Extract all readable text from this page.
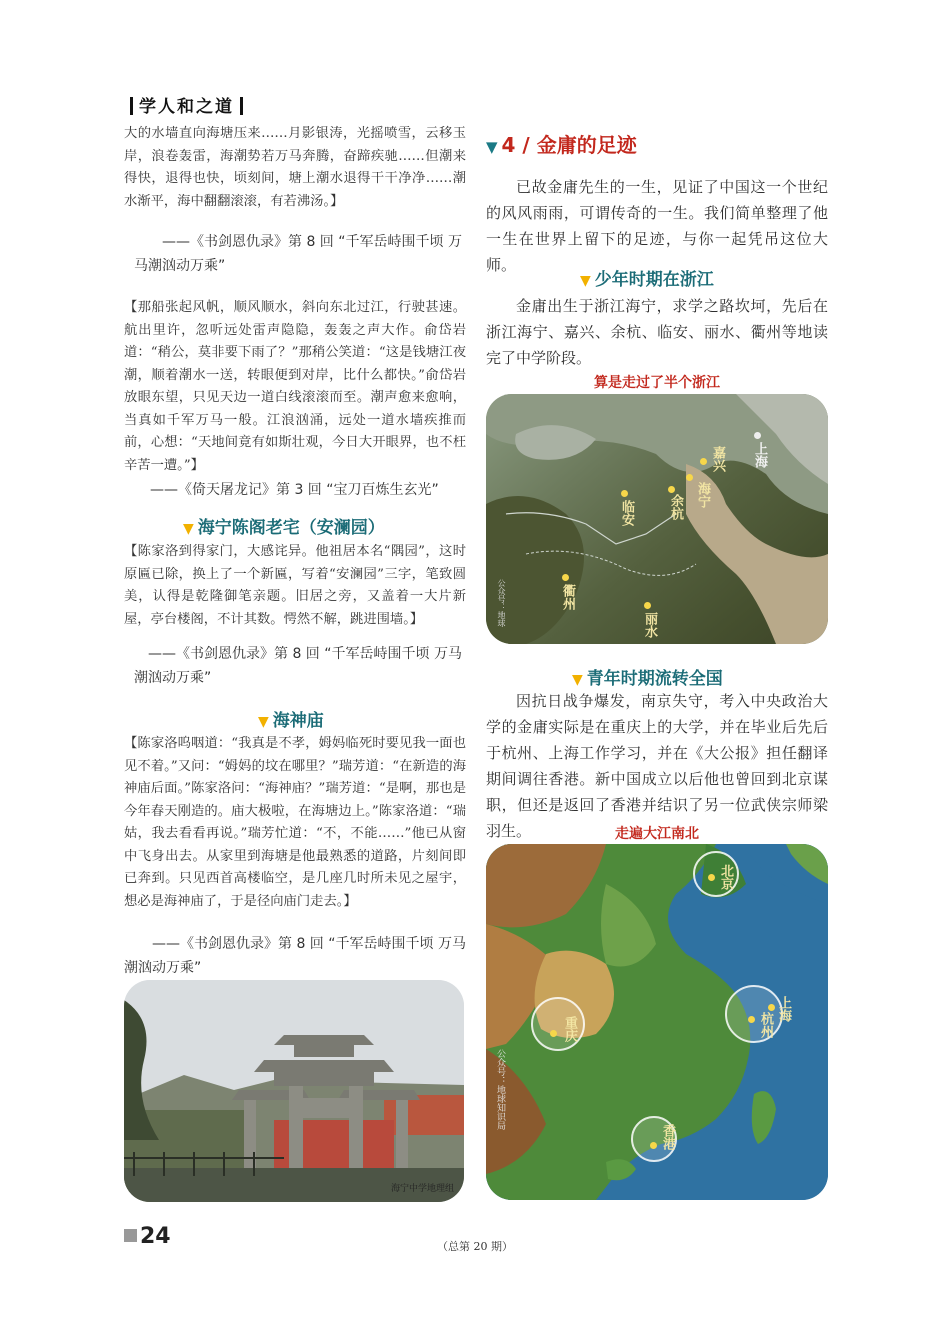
学人和之道
大的水墙直向海塘压来……月影银涛，光摇喷雪，云移玉岸，浪卷轰雷，海潮势若万马奔腾，奋蹄疾驰……但潮来得快，退得也快，顷刻间，塘上潮水退得干干净净……潮水渐平，海中翻翻滚滚，有若沸汤。】
——《书剑恩仇录》第 8 回 “千军岳峙围千顷 万马潮汹动万乘”
【那船张起风帆，顺风顺水，斜向东北过江，行驶甚速。航出里许，忽听远处雷声隐隐，轰轰之声大作。俞岱岩道：“稍公，莫非要下雨了？”那稍公笑道：“这是钱塘江夜潮，顺着潮水一送，转眼便到对岸，比什么都快。”俞岱岩放眼东望，只见天边一道白线滚滚而至。潮声愈来愈响，当真如千军万马一般。江浪汹涌，远处一道水墙疾推而前，心想：“天地间竟有如斯壮观，今日大开眼界，也不枉辛苦一遭。”】
——《倚天屠龙记》第 3 回 “宝刀百炼生玄光”
▼ 海宁陈阁老宅（安澜园）
【陈家洛到得家门，大感诧异。他祖居本名“隅园”，这时原匾已除，换上了一个新匾，写着“安澜园”三字，笔致圆美，认得是乾隆御笔亲题。旧居之旁，又盖着一大片新屋，亭台楼阁，不计其数。愕然不解，跳进围墙。】
——《书剑恩仇录》第 8 回 “千军岳峙围千顷 万马潮汹动万乘”
▼ 海神庙
【陈家洛呜咽道：“我真是不孝，姆妈临死时要见我一面也见不着。”又问：“姆妈的坟在哪里？”瑞芳道：“在新造的海神庙后面。”陈家洛问：“海神庙？”瑞芳道：“是啊，那也是今年春天刚造的。庙大极啦，在海塘边上。”陈家洛道：“瑞姑，我去看看再说。”瑞芳忙道：“不，不能……”他已从窗中飞身出去。从家里到海塘是他最熟悉的道路，片刻间即已奔到。只见西首高楼临空，是几座几时所未见之屋宇，想必是海神庙了，于是径向庙门走去。】
——《书剑恩仇录》第 8 回 “千军岳峙围千顷 万马潮汹动万乘”
海宁中学地理组
▼ 4 / 金庸的足迹
已故金庸先生的一生，见证了中国这一个世纪的风风雨雨，可谓传奇的一生。我们简单整理了他一生在世界上留下的足迹，与你一起凭吊这位大师。
▼ 少年时期在浙江
金庸出生于浙江海宁，求学之路坎坷，先后在浙江海宁、嘉兴、余杭、临安、丽水、衢州等地读完了中学阶段。
算是走过了半个浙江
上海
嘉兴
海宁
余杭
临安
衢州
丽水
公众号：地球
▼ 青年时期流转全国
因抗日战争爆发，南京失守，考入中央政治大学的金庸实际是在重庆上的大学，并在毕业后先后于杭州、上海工作学习，并在《大公报》担任翻译期间调往香港。新中国成立以后他也曾回到北京谋职，但还是返回了香港并结识了另一位武侠宗师梁羽生。	走遍大江南北
北京
上海
杭州
重庆
香港
公众号：地球知识局
24	（总第 20 期）
